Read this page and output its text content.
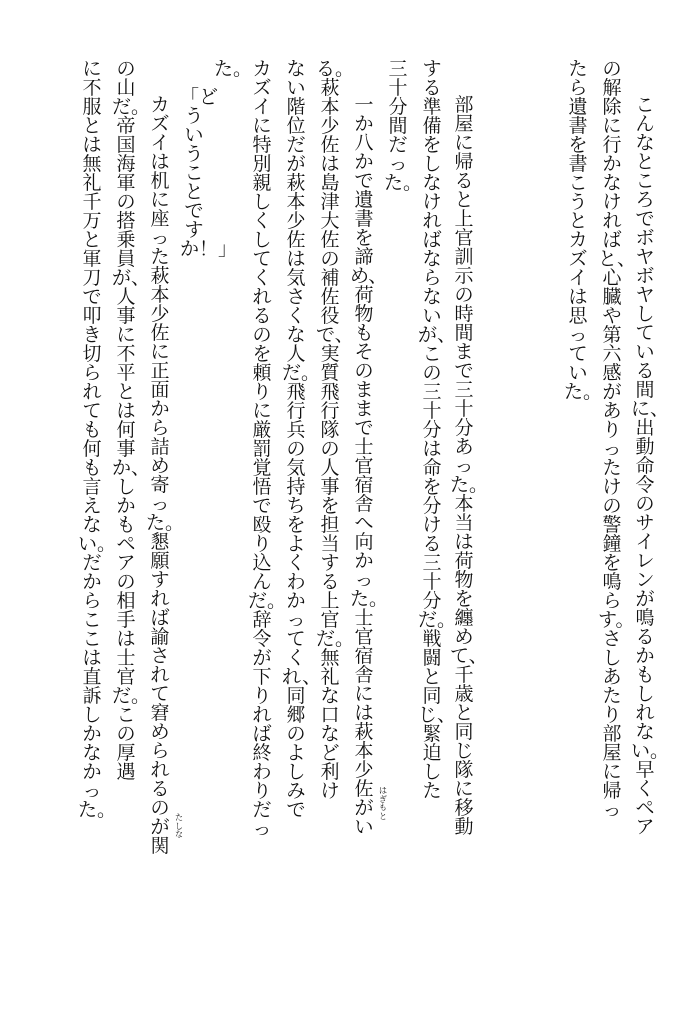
こんなところでボヤボヤしている間に、出動命令のサイレンが鳴るかもしれない。早くペア
の解除に行かなければと、心臓や第六感がありったけの警鐘を鳴らす。さしあたり部屋に帰っ
たら遺書を書こうとカズイは思っていた。
部屋に帰ると上官訓示の時間まで三十分あった。本当は荷物を纏めて、千歳と同じ隊に移動
する準備をしなければならないが、この三十分は命を分ける三十分だ。戦闘と同じ、緊迫した
三十分間だった。
一か八かで遺書を諦め、荷物もそのままで士官宿舎へ向かった。士官宿舎には萩本少佐がい
る。萩本少佐は島津大佐の補佐役で、実質飛行隊の人事を担当する上官だ。無礼な口など利け
ない階位だが萩本少佐は気さくな人だ。飛行兵の気持ちをよくわかってくれ、同郷のよしみで
カズイに特別親しくしてくれるのを頼りに厳罰覚悟で殴り込んだ。辞令が下りれば終わりだっ
た。
「どういうことですか！」
カズイは机に座った萩本少佐に正面から詰め寄った。懇願すれば諭されて窘められるのが関
の山だ。帝国海軍の搭乗員が、人事に不平とは何事か、しかもペアの相手は士官だ。この厚遇
に不服とは無礼千万と軍刀で叩き切られても何も言えない。だからここは直訴しかなかった。
はぎもと
たしな
